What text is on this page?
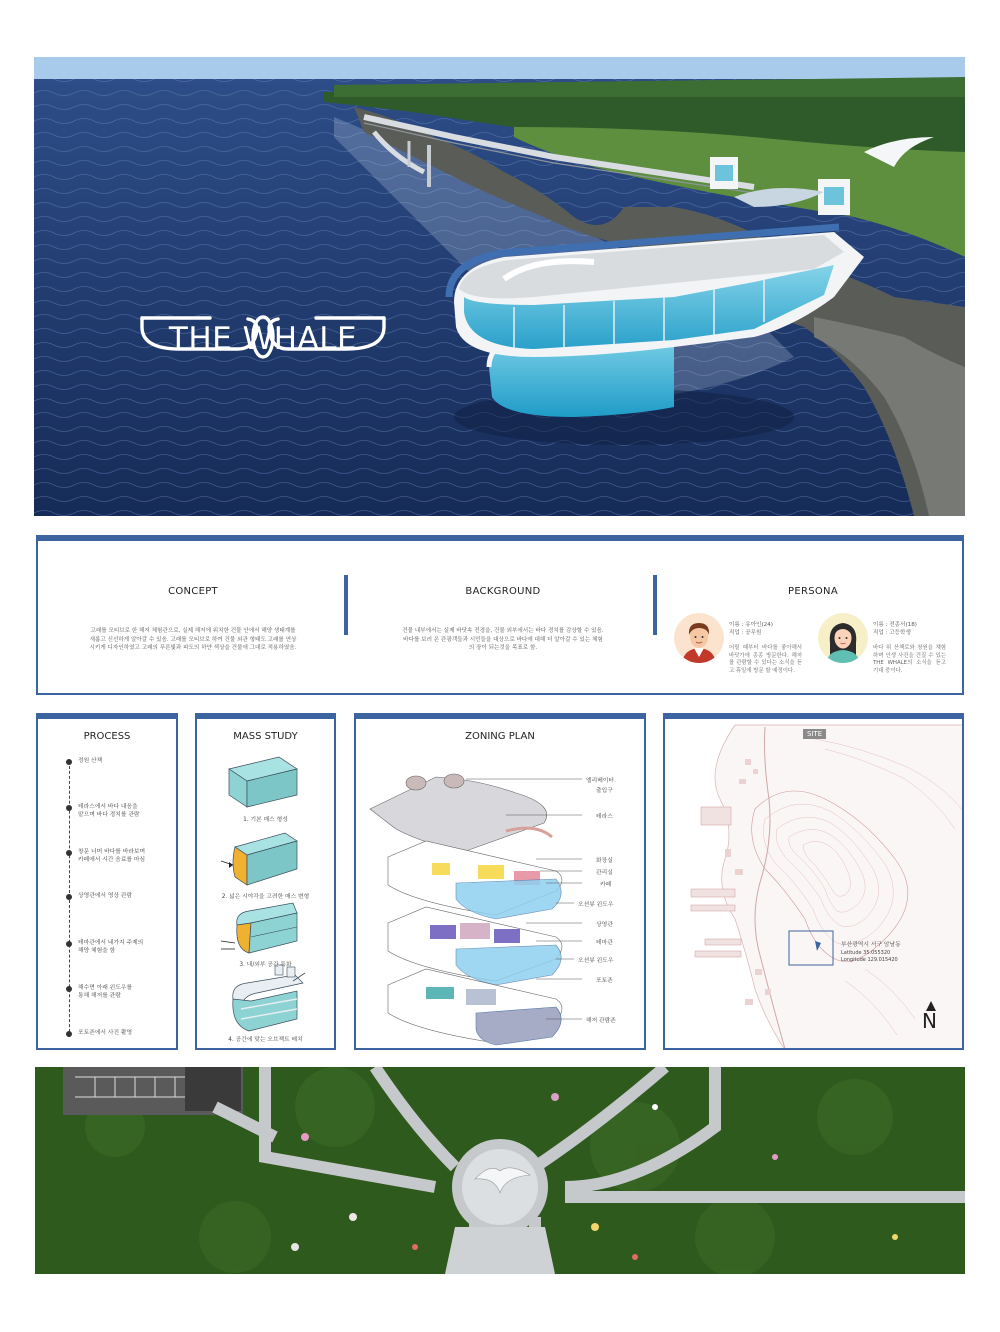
THE WHALE
CONCEPT
고래를 모티브로 한 해저 체험관으로, 실제 해저에 위치한 건물 안에서 해양 생태계를
새롭고 신선하게 알아갈 수 있음. 고래를 모티브로 하여 건물 외관 형태도 고래를 연상
시키게 디자인하였고 고래의 푸른빛과 파도의 하얀 색상을 건물에 그대로 적용하였음.
BACKGROUND
건물 내부에서는 실제 바닷속 전경을, 건물 외부에서는 바다 경치를 감상할 수 있음.
바다를 보러 온 관광객들과 시민들을 대상으로 바다에 대해 더 알아갈 수 있는 체험
의 장이 되는것을 목표로 함.
PERSONA
이름 : 유아인(24)
직업 : 공무원
어릴 때부터 바다를 좋아해서 바닷가에 종종 방문한다. 해저를 관람할 수 있다는 소식을 듣고 휴일에 방문 할 예정이다.
이름 : 전종서(18)
직업 : 고등학생
바다 위 산책로와 창원을 체험하며 인생 사진을 건질 수 있는 THE WHALE의 소식을 듣고 기대 중이다.
PROCESS
정원 산책
테라스에서 바다 내음을
맡으며 바다 경치를 관람
창문 너머 바다를 바라보며
카페에서 시간 음료를 마심
상영관에서 영상 관람
테마관에서 네가지 주제의
해양 체험을 함
해수면 아래 윈도우를
통해 해저를 관람
포토존에서 사진 촬영
MASS STUDY
1. 기본 매스 형성
2. 넓은 시야각을 고려한 매스 변형
3. 내/외부 공간 특화
4. 공간에 맞는 오브젝트 배치
ZONING PLAN
엘리베이터
출입구
테라스
화장실
관리실
카페
오션뷰 윈도우
상영관
테마관
오션뷰 윈도우
포토존
해저 관람존
SITE
부산광역시 서구 암남동
Latitude 35.055320
Longitude 129.015420
N
